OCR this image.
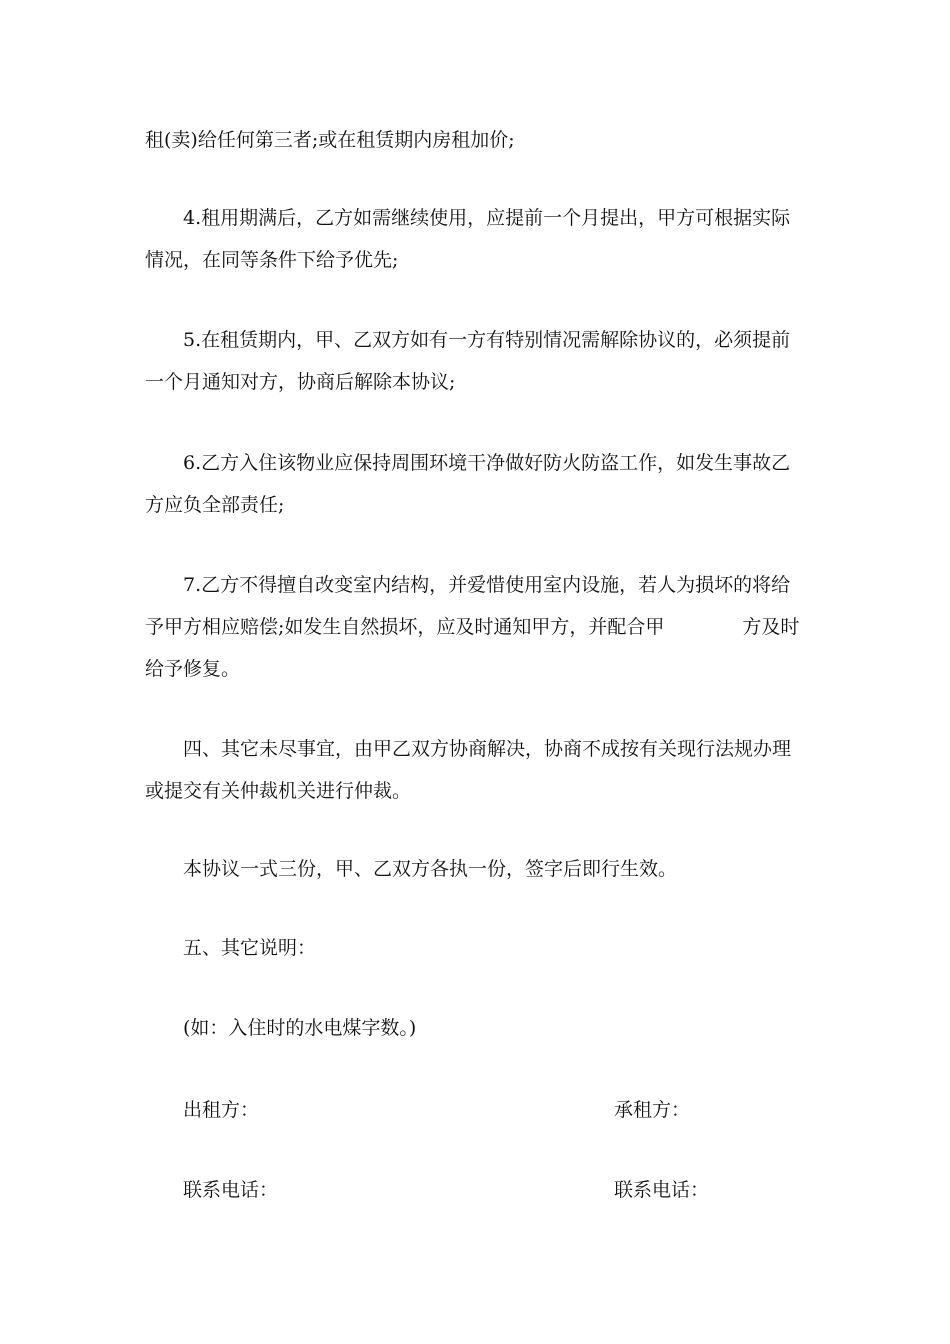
租(卖)给任何第三者;或在租赁期内房租加价;
4.租用期满后，乙方如需继续使用，应提前一个月提出，甲方可根据实际
情况，在同等条件下给予优先;
5.在租赁期内，甲、乙双方如有一方有特别情况需解除协议的，必须提前
一个月通知对方，协商后解除本协议;
6.乙方入住该物业应保持周围环境干净做好防火防盗工作，如发生事故乙
方应负全部责任;
7.乙方不得擅自改变室内结构，并爱惜使用室内设施，若人为损坏的将给
予甲方相应赔偿;如发生自然损坏，应及时通知甲方，并配合甲	方及时
给予修复。
四、其它未尽事宜，由甲乙双方协商解决，协商不成按有关现行法规办理
或提交有关仲裁机关进行仲裁。
本协议一式三份，甲、乙双方各执一份，签字后即行生效。
五、其它说明：
(如：入住时的水电煤字数。)
出租方：	承租方：
联系电话：	联系电话：
